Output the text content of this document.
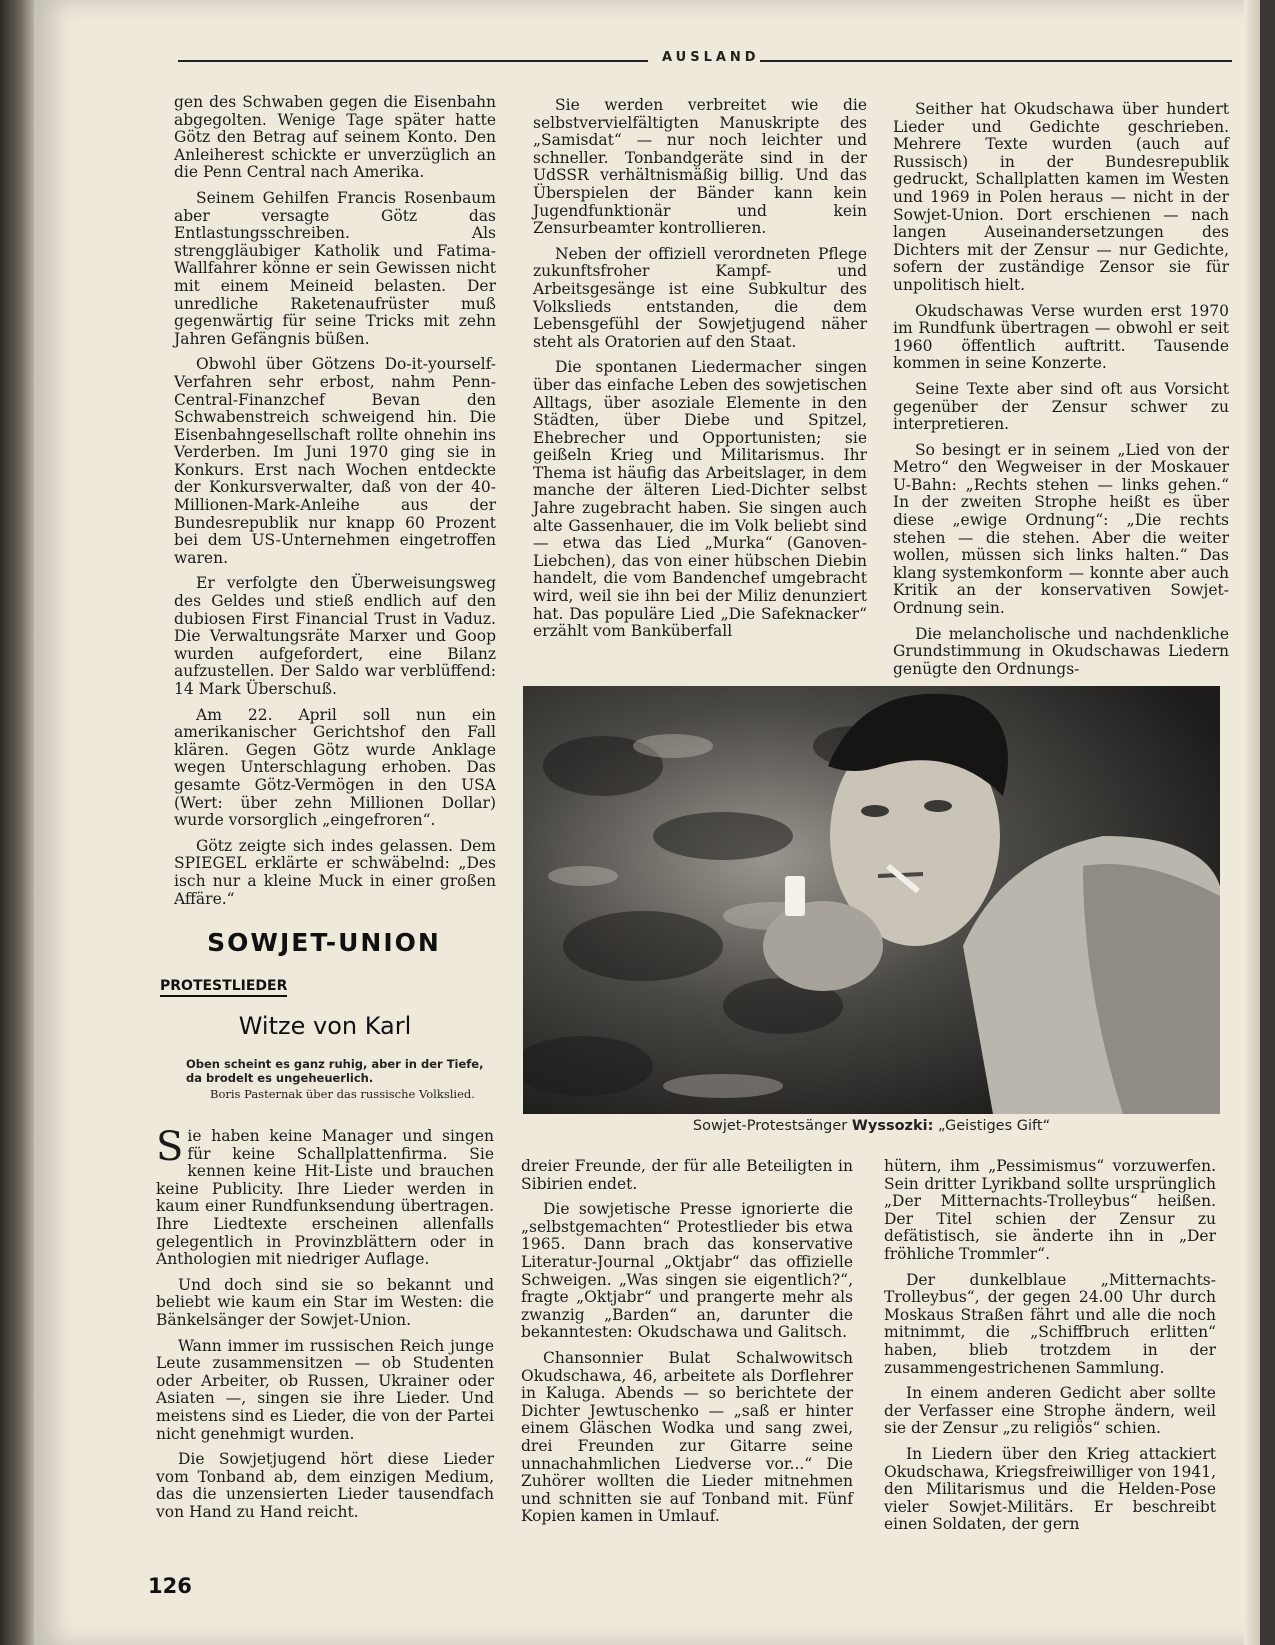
AUSLAND

gen des Schwaben gegen die Eisenbahn abgegolten. Wenige Tage später hatte Götz den Betrag auf seinem Konto. Den Anleiherest schickte er unverzüglich an die Penn Central nach Amerika.

Seinem Gehilfen Francis Rosenbaum aber versagte Götz das Entlastungsschreiben. Als strenggläubiger Katholik und Fatima-Wallfahrer könne er sein Gewissen nicht mit einem Meineid belasten. Der unredliche Raketenaufrüster muß gegenwärtig für seine Tricks mit zehn Jahren Gefängnis büßen.

Obwohl über Götzens Do-it-yourself-Verfahren sehr erbost, nahm Penn-Central-Finanzchef Bevan den Schwabenstreich schweigend hin. Die Eisenbahngesellschaft rollte ohnehin ins Verderben. Im Juni 1970 ging sie in Konkurs. Erst nach Wochen entdeckte der Konkursverwalter, daß von der 40-Millionen-Mark-Anleihe aus der Bundesrepublik nur knapp 60 Prozent bei dem US-Unternehmen eingetroffen waren.

Er verfolgte den Überweisungsweg des Geldes und stieß endlich auf den dubiosen First Financial Trust in Vaduz. Die Verwaltungsräte Marxer und Goop wurden aufgefordert, eine Bilanz aufzustellen. Der Saldo war verblüffend: 14 Mark Überschuß.

Am 22. April soll nun ein amerikanischer Gerichtshof den Fall klären. Gegen Götz wurde Anklage wegen Unterschlagung erhoben. Das gesamte Götz-Vermögen in den USA (Wert: über zehn Millionen Dollar) wurde vorsorglich „eingefroren“.

Götz zeigte sich indes gelassen. Dem SPIEGEL erklärte er schwäbelnd: „Des isch nur a kleine Muck in einer großen Affäre.“

SOWJET-UNION
PROTESTLIEDER
Witze von Karl
Oben scheint es ganz ruhig, aber in der Tiefe, da brodelt es ungeheuerlich.
Boris Pasternak über das russische Volkslied.

Sie haben keine Manager und singen für keine Schallplattenfirma. Sie kennen keine Hit-Liste und brauchen keine Publicity. Ihre Lieder werden in kaum einer Rundfunksendung übertragen. Ihre Liedtexte erscheinen allenfalls gelegentlich in Provinzblättern oder in Anthologien mit niedriger Auflage.

Und doch sind sie so bekannt und beliebt wie kaum ein Star im Westen: die Bänkelsänger der Sowjet-Union.

Wann immer im russischen Reich junge Leute zusammensitzen — ob Studenten oder Arbeiter, ob Russen, Ukrainer oder Asiaten —, singen sie ihre Lieder. Und meistens sind es Lieder, die von der Partei nicht genehmigt wurden.

Die Sowjetjugend hört diese Lieder vom Tonband ab, dem einzigen Medium, das die unzensierten Lieder tausendfach von Hand zu Hand reicht.

Sie werden verbreitet wie die selbstvervielfältigten Manuskripte des „Samisdat“ — nur noch leichter und schneller. Tonbandgeräte sind in der UdSSR verhältnismäßig billig. Und das Überspielen der Bänder kann kein Jugendfunktionär und kein Zensurbeamter kontrollieren.

Neben der offiziell verordneten Pflege zukunftsfroher Kampf- und Arbeitsgesänge ist eine Subkultur des Volkslieds entstanden, die dem Lebensgefühl der Sowjetjugend näher steht als Oratorien auf den Staat.

Die spontanen Liedermacher singen über das einfache Leben des sowjetischen Alltags, über asoziale Elemente in den Städten, über Diebe und Spitzel, Ehebrecher und Opportunisten; sie geißeln Krieg und Militarismus. Ihr Thema ist häufig das Arbeitslager, in dem manche der älteren Lied-Dichter selbst Jahre zugebracht haben. Sie singen auch alte Gassenhauer, die im Volk beliebt sind — etwa das Lied „Murka“ (Ganoven-Liebchen), das von einer hübschen Diebin handelt, die vom Bandenchef umgebracht wird, weil sie ihn bei der Miliz denunziert hat. Das populäre Lied „Die Safeknacker“ erzählt vom Banküberfall

Seither hat Okudschawa über hundert Lieder und Gedichte geschrieben. Mehrere Texte wurden (auch auf Russisch) in der Bundesrepublik gedruckt, Schallplatten kamen im Westen und 1969 in Polen heraus — nicht in der Sowjet-Union. Dort erschienen — nach langen Auseinandersetzungen des Dichters mit der Zensur — nur Gedichte, sofern der zuständige Zensor sie für unpolitisch hielt.

Okudschawas Verse wurden erst 1970 im Rundfunk übertragen — obwohl er seit 1960 öffentlich auftritt. Tausende kommen in seine Konzerte.

Seine Texte aber sind oft aus Vorsicht gegenüber der Zensur schwer zu interpretieren.

So besingt er in seinem „Lied von der Metro“ den Wegweiser in der Moskauer U-Bahn: „Rechts stehen — links gehen.“ In der zweiten Strophe heißt es über diese „ewige Ordnung“: „Die rechts stehen — die stehen. Aber die weiter wollen, müssen sich links halten.“ Das klang systemkonform — konnte aber auch Kritik an der konservativen Sowjet-Ordnung sein.

Die melancholische und nachdenkliche Grundstimmung in Okudschawas Liedern genügte den Ordnungs-

Sowjet-Protestsänger Wyssozki: „Geistiges Gift“

dreier Freunde, der für alle Beteiligten in Sibirien endet.

Die sowjetische Presse ignorierte die „selbstgemachten“ Protestlieder bis etwa 1965. Dann brach das konservative Literatur-Journal „Oktjabr“ das offizielle Schweigen. „Was singen sie eigentlich?“, fragte „Oktjabr“ und prangerte mehr als zwanzig „Barden“ an, darunter die bekanntesten: Okudschawa und Galitsch.

Chansonnier Bulat Schalwowitsch Okudschawa, 46, arbeitete als Dorflehrer in Kaluga. Abends — so berichtete der Dichter Jewtuschenko — „saß er hinter einem Gläschen Wodka und sang zwei, drei Freunden zur Gitarre seine unnachahmlichen Liedverse vor...“ Die Zuhörer wollten die Lieder mitnehmen und schnitten sie auf Tonband mit. Fünf Kopien kamen in Umlauf.

hütern, ihm „Pessimismus“ vorzuwerfen. Sein dritter Lyrikband sollte ursprünglich „Der Mitternachts-Trolleybus“ heißen. Der Titel schien der Zensur zu defätistisch, sie änderte ihn in „Der fröhliche Trommler“.

Der dunkelblaue „Mitternachts-Trolleybus“, der gegen 24.00 Uhr durch Moskaus Straßen fährt und alle die noch mitnimmt, die „Schiffbruch erlitten“ haben, blieb trotzdem in der zusammengestrichenen Sammlung.

In einem anderen Gedicht aber sollte der Verfasser eine Strophe ändern, weil sie der Zensur „zu religiös“ schien.

In Liedern über den Krieg attackiert Okudschawa, Kriegsfreiwilliger von 1941, den Militarismus und die Helden-Pose vieler Sowjet-Militärs. Er beschreibt einen Soldaten, der gern

126
